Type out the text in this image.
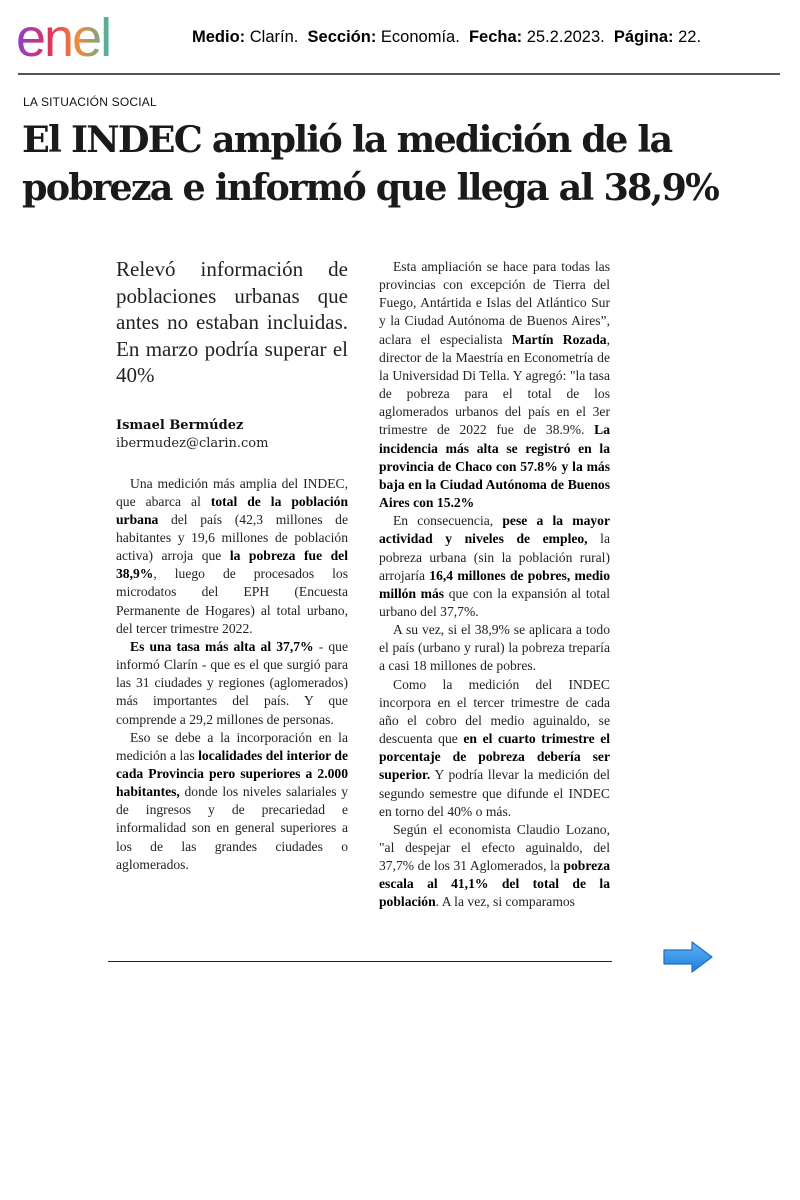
enel	Medio: Clarín. Sección: Economía. Fecha: 25.2.2023. Página: 22.
LA SITUACIÓN SOCIAL
El INDEC amplió la medición de la
pobreza e informó que llega al 38,9%

Relevó información de poblaciones urbanas que antes no estaban incluidas. En marzo podría superar el 40%

Ismael Bermúdez

ibermudez@clarin.com

Una medición más amplia del INDEC, que abarca al total de la población urbana del país (42,3 millones de habitantes y 19,6 millones de población activa) arroja que la pobreza fue del 38,9%, luego de procesados los microdatos del EPH (Encuesta Permanente de Hogares) al total urbano, del tercer trimestre 2022.

Es una tasa más alta al 37,7% - que informó Clarín - que es el que surgió para las 31 ciudades y regiones (aglomerados) más importantes del país. Y que comprende a 29,2 millones de personas.

Eso se debe a la incorporación en la medición a las localidades del interior de cada Provincia pero superiores a 2.000 habitantes, donde los niveles salariales y de ingresos y de precariedad e informalidad son en general superiores a los de las grandes ciudades o aglomerados.

Esta ampliación se hace para todas las provincias con excepción de Tierra del Fuego, Antártida e Islas del Atlántico Sur y la Ciudad Autónoma de Buenos Aires”, aclara el especialista Martín Rozada, director de la Maestría en Econometría de la Universidad Di Tella. Y agregó: "la tasa de pobreza para el total de los aglomerados urbanos del país en el 3er trimestre de 2022 fue de 38.9%. La incidencia más alta se registró en la provincia de Chaco con 57.8% y la más baja en la Ciudad Autónoma de Buenos Aires con 15.2%

En consecuencia, pese a la mayor actividad y niveles de empleo, la pobreza urbana (sin la población rural) arrojaría 16,4 millones de pobres, medio millón más que con la expansión al total urbano del 37,7%.

A su vez, si el 38,9% se aplicara a todo el país (urbano y rural) la pobreza treparía a casi 18 millones de pobres.

Como la medición del INDEC incorpora en el tercer trimestre de cada año el cobro del medio aguinaldo, se descuenta que en el cuarto trimestre el porcentaje de pobreza debería ser superior. Y podría llevar la medición del segundo semestre que difunde el INDEC en torno del 40% o más.

Según el economista Claudio Lozano, "al despejar el efecto aguinaldo, del 37,7% de los 31 Aglomerados, la pobreza escala al 41,1% del total de la población. A la vez, si comparamos
